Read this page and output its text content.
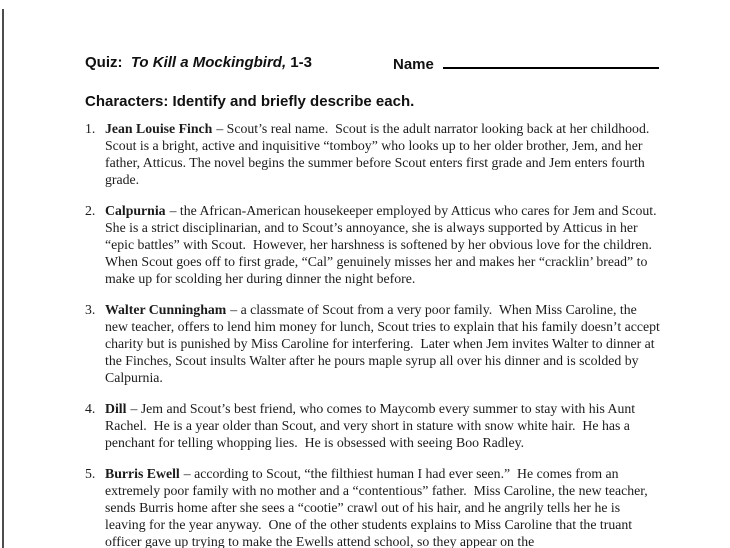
Quiz:  To Kill a Mockingbird, 1-3

	Name

Characters: Identify and briefly describe each.
1. Jean Louise Finch – Scout’s real name.  Scout is the adult narrator looking back at her childhood.  Scout is a bright, active and inquisitive “tomboy” who looks up to her older brother, Jem, and her father, Atticus. The novel begins the summer before Scout enters first grade and Jem enters fourth grade.
2. Calpurnia – the African-American housekeeper employed by Atticus who cares for Jem and Scout.  She is a strict disciplinarian, and to Scout’s annoyance, she is always supported by Atticus in her “epic battles” with Scout.  However, her harshness is softened by her obvious love for the children.  When Scout goes off to first grade, “Cal” genuinely misses her and makes her “cracklin’ bread” to make up for scolding her during dinner the night before.
3. Walter Cunningham – a classmate of Scout from a very poor family.  When Miss Caroline, the new teacher, offers to lend him money for lunch, Scout tries to explain that his family doesn’t accept charity but is punished by Miss Caroline for interfering.  Later when Jem invites Walter to dinner at the Finches, Scout insults Walter after he pours maple syrup all over his dinner and is scolded by Calpurnia.
4. Dill – Jem and Scout’s best friend, who comes to Maycomb every summer to stay with his Aunt Rachel.  He is a year older than Scout, and very short in stature with snow white hair.  He has a penchant for telling whopping lies.  He is obsessed with seeing Boo Radley.
5. Burris Ewell – according to Scout, “the filthiest human I had ever seen.”  He comes from an extremely poor family with no mother and a “contentious” father.  Miss Caroline, the new teacher, sends Burris home after she sees a “cootie” crawl out of his hair, and he angrily tells her he is leaving for the year anyway.  One of the other students explains to Miss Caroline that the truant officer gave up trying to make the Ewells attend school, so they appear on the
